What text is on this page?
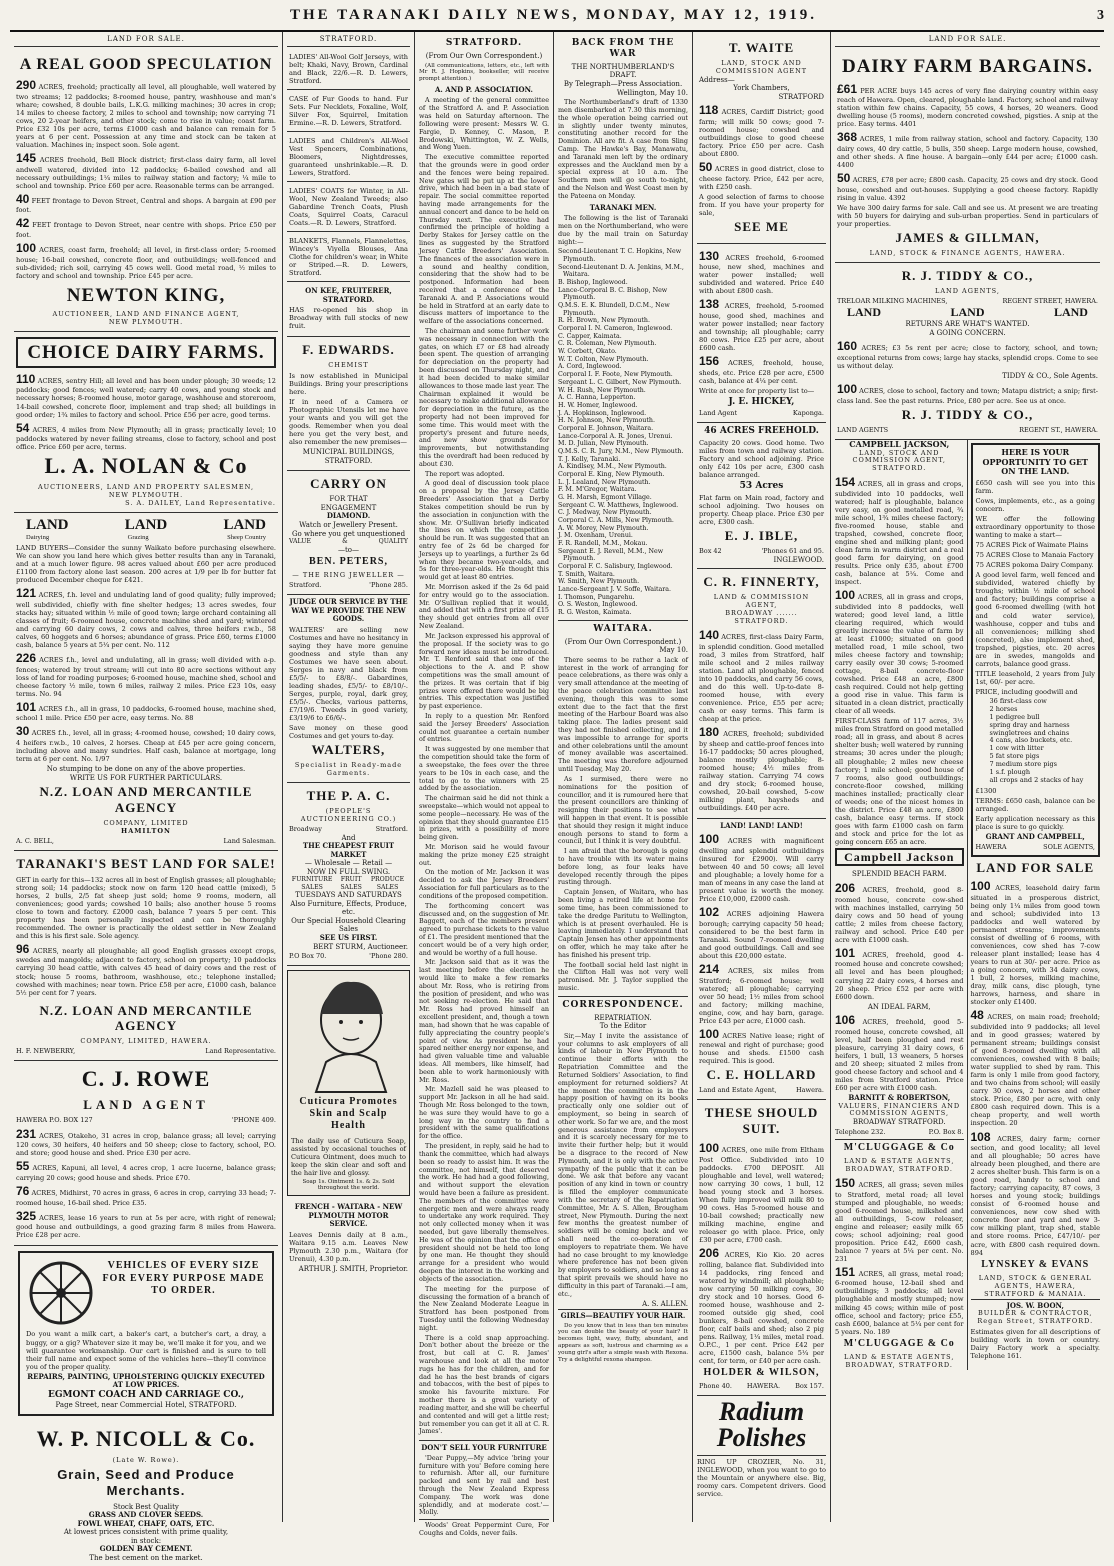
THE TARANAKI DAILY NEWS, MONDAY, MAY 12, 1919.	3
LAND FOR SALE.
A REAL GOOD SPECULATION
290 ACRES, freehold; practically all level, all ploughable, well watered by two streams; 12 paddocks; 8-roomed house, pantry, washhouse and man's whare; cowshed, 8 double bails, L.K.G. milking machines; 30 acres in crop; 14 miles to cheese factory, 2 miles to school and township; now carrying 71 cows, 20 2-year heifers, and other stock; come to rise in value; coast farm. Price £32 10s per acre, terms £1000 cash and balance can remain for 5 years at 6 per cent. Possession at any time and stock can be taken at valuation. Machines in; inspect soon. Sole agent.
145 ACRES freehold, Bell Block district; first-class dairy farm, all level andwell watered, divided into 12 paddocks; 6-bailed cowshed and all necessary outbuildings; 1¼ miles to railway station and factory; ¼ mile to school and township. Price £60 per acre. Reasonable terms can be arranged.
40 FEET frontage to Devon Street, Central and shops. A bargain at £90 per foot.
42 FEET frontage to Devon Street, near centre with shops. Price £50 per foot.
100 ACRES, coast farm, freehold; all level, in first-class order; 5-roomed house; 16-bail cowshed, concrete floor, and outbuildings; well-fenced and sub-divided; rich soil, carrying 45 cows well. Good metal road, ½ miles to factory and school and township. Price £45 per acre.
NEWTON KING,
AUCTIONEER, LAND AND FINANCE AGENT,
NEW PLYMOUTH.
CHOICE DAIRY FARMS.
110 ACRES, sentry Hill; all level and has been under plough; 30 weeds; 12 paddocks; good fences; well watered; carry 40 cows, and young stock and necessary horses; 8-roomed house, motor garage, washhouse and storeroom, 14-bail cowshed, concrete floor, implement and trap shed; all buildings in good order; 1¾ miles to factory and school. Price £56 per acre, good terms.
54 ACRES, 4 miles from New Plymouth; all in grass; practically level; 10 paddocks watered by never failing streams, close to factory, school and post office. Price £60 per acre, terms.
L. A. NOLAN & Co
AUCTIONEERS, LAND AND PROPERTY SALESMEN,
NEW PLYMOUTH.
S. A. DAILEY, Land Representative.
LAND	LAND	LAND
Dairying	Grazing	Sheep Country
LAND BUYERS—Consider the sunny Waikato before purchasing elsewhere. We can show you land here which gives better results than any in Taranaki, and at a much lower figure. 98 acres valued about £60 per acre produced £1100 from factory alone last season. 200 acres at 1/9 per lb for butter fat produced December cheque for £421.
121 ACRES, f.h. level and undulating land of good quality; fully improved; well subdivided, chiefly with fine shelter hedges; 13 acres swedes, four stacks hay; situated within ½ mile of good town; large orchard containing all classes of fruit; 6-roomed house, concrete machine shed and yard; wintered and carrying 60 dairy cows, 2 cows and calves, three heifers r.w.b., 58 calves, 60 hoggets and 6 horses; abundance of grass. Price £60, terms £1000 cash, balance 5 years at 5¼ per cent. No. 112
226 ACRES f.h., level and undulating, all in grass; well divided with a-p. fences; watered by trout stream; will cut into 80 acre sections without any loss of land for roading purposes; 6-roomed house, machine shed, school and cheese factory ½ mile, town 6 miles, railway 2 miles. Price £23 10s, easy terms. No. 94
101 ACRES f.h., all in grass, 10 paddocks, 6-roomed house, machine shed, school 1 mile. Price £50 per acre, easy terms. No. 88
30 ACRES f.h., level, all in grass; 4-roomed house, cowshed; 10 dairy cows, 4 heifers r.w.b., 10 calves, 2 horses. Cheap at £45 per acre going concern, including above and many sundries. Half cash, balance at mortgage, long term at 6 per cent. No. 1/97
No stumping to be done on any of the above properties.
WRITE US FOR FURTHER PARTICULARS.
N.Z. LOAN AND MERCANTILE AGENCY
COMPANY, LIMITED
HAMILTON
A. C. BELL,	Land Salesman.
TARANAKI'S BEST LAND FOR SALE!
GET in early for this—132 acres all in best of English grasses; all ploughable; strong soil; 14 paddocks; stock now on farm 120 head cattle (mixed), 5 horses, 2 bulls, 2/5 fat sheep just sold; home 9 rooms, modern, all conveniences; good yards; cowshed 10 bails; also another house 5 rooms close to town and factory. £2000 cash, balance 7 years 5 per cent. This property has been personally inspected and can be thoroughly recommended. The owner is practically the oldest settler in New Zealand and this is his first sale. Sole agency.
96 ACRES, nearly all ploughable; all good English grasses except crops, swedes and mangolds; adjacent to factory, school on property; 10 paddocks carrying 30 head cattle, with calves 45 head of dairy cows and the rest of stock; house 5 rooms, bathroom, washhouse, etc.; telephone installed; cowshed with machines; near town. Price £58 per acre, £1000 cash, balance 5½ per cent for 7 years.
N.Z. LOAN AND MERCANTILE AGENCY
COMPANY, LIMITED, HAWERA.
H. F. NEWBERRY,	Land Representative.
C. J. ROWE
LAND AGENT
HAWERA P.O. BOX 127	'PHONE 409.
231 ACRES, Otakeho, 31 acres in crop, balance grass; all level; carrying 120 cows, 30 heifers, 40 heifers and 50 sheep; close to factory, school, P.O. and store; good house and shed. Price £30 per acre.
55 ACRES, Kapuni, all level, 4 acres crop, 1 acre lucerne, balance grass; carrying 20 cows; good house and sheds. Price £70.
76 ACRES, Midhirst, 70 acres in grass, 6 acres in crop, carrying 33 head; 7-roomed house, 16-bail shed. Price £35.
325 ACRES, lease 16 years to run at 5s per acre, with right of renewal; good house and outbuildings, a good grazing farm 8 miles from Hawera. Price £28 per acre.
VEHICLES OF EVERY SIZE FOR EVERY PURPOSE MADE TO ORDER.
Do you want a milk cart, a baker's cart, a butcher's cart, a dray, a buggy, or a gig? Whatever size it may be, we'll make it for you, and we will guarantee workmanship. Our cart is finished and is sure to tell their full name and expect some of the vehicles here—they'll convince you of the proper quality.
REPAIRS, PAINTING, UPHOLSTERING QUICKLY EXECUTED AT LOW PRICES.
EGMONT COACH AND CARRIAGE CO.,
Page Street, near Commercial Hotel, STRATFORD.
W. P. NICOLL & Co.
(Late W. Rowe).
Grain, Seed and Produce Merchants.
Stock Best Quality
GRASS AND CLOVER SEEDS.
FOWL WHEAT, CHAFF, OATS, ETC.
At lowest prices consistent with prime quality,
in stock:
GOLDEN BAY CEMENT.
The best cement on the market.
STRATFORD.
LADIES' All-Wool Golf Jerseys, with belt; Khaki, Navy, Brown, Cardinal and Black, 22/6.—R. D. Lewers, Stratford.
CASE of Fur Goods to hand. Fur Sets. Fur Necklets, Foxaline, Wolf, Silver Fox, Squirrel, Imitation Ermine.—R. D. Lewers, Stratford.
LADIES and Children's All-Wool Vest Spencers, Combinations, Bloomers, Nightdresses, guaranteed unshrinkable.—R. D. Lewers, Stratford.
LADIES' COATS for Winter, in All-Wool, New Zealand Tweeds; also Gabardine Trench Coats, Plush Coats, Squirrel Coats, Caracul Coats.—R. D. Lewers, Stratford.
BLANKETS, Flannels, Flannelettes, Wincey's Viyella Blouses, Ana Clothe for children's wear, in White or Striped.—R. D. Lewers, Stratford.
ON KEE, FRUITERER, STRATFORD.
HAS re-opened his shop in Broadway with full stocks of new fruit.
F. EDWARDS.
CHEMIST
Is now established in Municipal Buildings. Bring your prescriptions here.
If in need of a Camera or Photographic Utensils let me have your wants and you will get the goods. Remember when you deal here you get the very best, and also remember the new premises—
MUNICIPAL BUILDINGS,
STRATFORD.
CARRY ON
FOR THAT
ENGAGEMENT
DIAMOND.
Watch or Jewellery Present.
Go where you get unquestioned
VALUE	&	QUALITY
—to—
BEN. PETERS,
— THE RING JEWELLER —
Stratford.	'Phone 285.
JUDGE OUR SERVICE BY THE WAY WE PROVIDE THE NEW GOODS.
WALTERS' are selling new Costumes and have no hesitancy in saying they have more genuine goodness and style than any Costumes we have seen about. Serges in navy and black from £5/5/- to £8/8/-. Gabardines, leading shades, £5/5/- to £8/10/-. Serges, purple, royal, dark grey, £5/5/-. Checks, various patterns, £7/19/6. Tweeds in good variety, £3/19/6 to £6/6/-.
Save money on these good Costumes and get yours to-day.
WALTERS,
Specialist in Ready-made Garments.
THE P. A. C.
(PEOPLE'S AUCTIONEERING CO.)
Broadway	Stratford.
And
THE CHEAPEST FRUIT MARKET
— Wholesale — Retail —
NOW IN FULL SWING.
FURNITURE SALES
FRUIT SALES
PRODUCE SALES
TUESDAYS AND SATURDAYS
Also Furniture, Effects, Produce, etc.
Our Special Household Clearing Sales
SEE US FIRST.
BERT STURM, Auctioneer.
P.O Box 70.	'Phone 280.
Cuticura Promotes Skin and Scalp Health
The daily use of Cuticura Soap, assisted by occasional touches of Cuticura Ointment, does much to keep the skin clear and soft and the hair live and glossy.
Soap 1s. Ointment 1s. & 2s. Sold throughout the world.
FRENCH - WAITARA - NEW PLYMOUTH MOTOR SERVICE.
Leaves Dennis daily at 8 a.m., Waitara 9.15 a.m. Leaves New Plymouth 2.30 p.m., Waitara (for Urenui), 4.30 p.m.
ARTHUR J. SMITH, Proprietor.
STRATFORD.
(From Our Own Correspondent.)
(All communications, letters, etc., left with Mr R. J. Hopkins, bookseller, will receive prompt attention.)
A. AND P. ASSOCIATION.
A meeting of the general committee of the Stratford A. and P. Association was held on Saturday afternoon. The following were present: Messrs W. G. Fargie, D. Kenney, C. Mason, P. Brodowski, Whittington, W. Z. Wells, and Wong Yuen.
The executive committee reported that the grounds were in good order and the fences were being repaired. New gates will be put up at the lower drive, which had been in a bad state of repair. The social committee reported having made arrangements for the annual concert and dance to be held on Thursday next. The executive had confirmed the principle of holding a Derby Stakes for Jersey cattle on the lines as suggested by the Stratford Jersey Cattle Breeders' Association. The finances of the association were in a sound and healthy condition, considering that the show had to be postponed. Information had been received that a conference of the Taranaki A. and P. Associations would be held in Stratford at an early date to discuss matters of importance to the welfare of the associations concerned.
The chairman and some further work was necessary in connection with the gates, on which £7 or £8 had already been spent. The question of arranging for depreciation on the property had been discussed on Thursday night, and it had been decided to make similar allowances to those made last year. The Chairman explained it would be necessary to make additional allowance for depreciation in the future, as the property had not been improved for some time. This would meet with the property's present and future needs, and new show grounds for improvements, but notwithstanding this the overdraft had been reduced by about £30.
The report was adopted.
A good deal of discussion took place on a proposal by the Jersey Cattle Breeders' Association that a Derby Stakes competition should be run by the association in conjunction with the show. Mr. O'Sullivan briefly indicated the lines on which the competition should be run. It was suggested that an entry fee of 2s 6d be charged for Jerseys up to yearlings, a further 2s 6d when they became two-year-olds, and 5s for three-year-olds. He thought this would get at least 80 entries.
Mr. Morrison asked if the 2s 6d paid for entry would go to the association. Mr. O'Sullivan replied that it would, and added that with a first prize of £15 they should get entries from all over New Zealand.
Mr. Jackson expressed his approval of the proposal. If the society was to go forward new ideas must be introduced. Mr. T. Renford said that one of the objections to the A. and P. show competitions was the small amount of the prizes. It was certain that if big prizes were offered there would be big entries. This expectation was justified by past experience.
In reply to a question Mr. Renford said the Jersey Breeders' Association could not guarantee a certain number of entries.
It was suggested by one member that the competition should take the form of a sweepstake, the fees over the three years to be 10s in each case, and the total to go to the winners with 25 added by the association.
The chairman said he did not think a sweepstake—which would not appeal to some people—necessary. He was of the opinion that they should guarantee £15 in prizes, with a possibility of more being given.
Mr. Morison said he would favour making the prize money £25 straight out.
On the motion of Mr. Jackson it was decided to ask the Jersey Breeders' Association for full particulars as to the conditions of the proposed competition.
The forthcoming concert was discussed and, on the suggestion of Mr. Baggett, each of the members present agreed to purchase tickets to the value of £1. The president mentioned that the concert would be of a very high order, and would be worthy of a full house.
Mr. Jackson said that as it was the last meeting before the election he would like to make a few remarks about Mr. Ross, who is retiring from the position of president, and who was not seeking re-election. He said that Mr. Ross had proved himself an excellent president, and, though a town man, had shown that he was capable of fully appreciating the country people's point of view. As president he had spared neither energy nor expense, and had given valuable time and valuable ideas. All members, like himself, had been able to work harmoniously with Mr. Ross.
Mr. Mazlell said he was pleased to support Mr. Jackson in all he had said. Though Mr. Ross belonged to the town, he was sure they would have to go a long way in the country to find a president with the same qualifications for the office.
The president, in reply, said he had to thank the committee, which had always been so ready to assist him. It was the committee, not himself, that deserved the work. He had had a good following, and without support the elevation would have been a failure as president. The members of the committee were energetic men and were always ready to undertake any work required. They not only collected money when it was needed, but gave liberally themselves. He was of the opinion that the office of president should not be held too long by one man. He thought they should arrange for a president who would deepen the interest in the working and objects of the association.
The meeting for the purpose of discussing the formation of a branch of the New Zealand Moderate League in Stratford has been postponed from Tuesday until the following Wednesday night.
There is a cold snap approaching. Don't bother about the breeze or the frost, but call at C. R. James' warehouse and look at all the motor rugs he has for the children, and for dad he has the best brands of cigars and tobaccos, with the best of pipes to smoke his favourite mixture. For mother there is a great variety of reading matter, and she will be cheerful and contented and will get a little rest; but remember you can get it all at C. R. James'.
DON'T SELL YOUR FURNITURE
'Dear Puppy,—My advice 'bring your furniture with you' Before coming here to refurnish. After all, our furniture packed and sent by rail and best through the New Zealand Express Company. The work was done splendidly, and at moderate cost.'—Molly.
Woods' Great Peppermint Cure, For Coughs and Colds, never fails.
BACK FROM THE WAR
THE NORTHUMBERLAND'S DRAFT.
By Telegraph—Press Association.
Wellington, May 10.
The Northumberland's draft of 1330 men disembarked at 7.30 this morning, the whole operation being carried out in slightly under twenty minutes, constituting another record for the Dominion. All are fit. A case from Sling Camp. The Hawke's Bay, Manawatu, and Taranaki men left by the ordinary expresses and the Auckland men by a special express at 10 a.m. The Southern men will go south to-night, and the Nelson and West Coast men by the Pateena on Monday.
TARANAKI MEN.
The following is the list of Taranaki men on the Northumberland, who were due by the mail train on Saturday night:—
Second-Lieutenant T. C. Hopkins, New Plymouth.
Second-Lieutenant D. A. Jenkins, M.M., Waitara.
B. Bishop, Inglewood.
Lance-Corporal B. C. Bishop, New Plymouth.
Q.M.S. E. K. Blundell, D.C.M., New Plymouth.
R. H. Brown, New Plymouth.
Corporal I. N. Cameron, Inglewood.
C. Capper, Kaimata.
C. R. Coleman, New Plymouth.
W. Corbett, Okato.
W. T. Colton, New Plymouth.
A. Cord, Inglewood.
Corporal I. F. Foote, New Plymouth.
Sergeant L. C. Gilbert, New Plymouth.
W. H. Rush, New Plymouth.
A. C. Hanna, Lepperton.
H. W. Homer, Inglewood.
J. A. Hopkinson, Inglewood.
H. N. Johnson, New Plymouth.
Corporal E. Johnson, Waitara.
Lance-Corporal A. R. Jones, Urenui.
M. D. Julian, New Plymouth.
Q.M.S. C. R. Jury, N.M., New Plymouth.
T. J. Kelly, Taranaki.
A. Kindlsey, M.M., New Plymouth.
Corporal E. King, New Plymouth.
L. J. Lealand, New Plymouth.
F. M. M'Gregor, Waitara.
G. H. Marsh, Egmont Village.
Sergeant C. W. Matthews, Inglewood.
C. J. Medway, New Plymouth.
Corporal C. A. Mills, New Plymouth.
A. W. Morey, New Plymouth.
J. M. Oxenham, Urenui.
F. R. Randell, M.M., Mokau.
Sergeant E. J. Revell, M.M., New Plymouth.
Corporal F. C. Salisbury, Inglewood.
T. Smith, Waitara.
W. Smith, New Plymouth.
Lance-Sergeant J. V. Soffe, Waitara.
I. Thomson, Pungarehu.
O. S. Weston, Inglewood.
R. G. Weston, Kaimata.
WAITARA.
(From Our Own Correspondent.)
May 10.
There seems to be rather a lack of interest in the work of arranging for peace celebrations, as there was only a very small attendance at the meeting of the peace celebration committee last evening, though this was to some extent due to the fact that the first meeting of the Harbour Board was also taking place. The ladies present said they had not finished collecting, and it was impossible to arrange for sports and other celebrations until the amount of money available was ascertained. The meeting was therefore adjourned until Tuesday, May 20.
As I surmised, there were no nominations for the position of councillor, and it is rumoured here that the present councillors are thinking of resigning their positions to see what will happen in that event. It is possible that should they resign it might induce enough persons to stand to form a council, but I think it is very doubtful.
I am afraid that the borough is going to have trouble with its water mains before long, as four leaks have developed recently through the pipes rusting through.
Captain Jensen, of Waitara, who has been living a retired life at home for some time, has been commissioned to take the dredge Paritutu to Wellington, which is at present overhauled. He is leaving immediately. I understand that Captain Jensen has other appointments on offer, which he may take after he has finished his present trip.
The football social held last night in the Clifton Hall was not very well patronised. Mr. J. Taylor supplied the music.
CORRESPONDENCE.
REPATRIATION.
To the Editor
Sir,—May I invite the assistance of your columns to ask employers of all kinds of labour in New Plymouth to continue their efforts with the Repatriation Committee and the Returned Soldiers' Association, to find employment for returned soldiers? At the moment the committee is in the happy position of having on its books practically only one soldier out of employment, so being in search of other work. So far we are, and the most generous assistance from employers and it is scarcely necessary for me to invite their further help; but it would be a disgrace to the record of New Plymouth, and it is only with the active sympathy of the public that it can be done. We ask that before any vacant position of any kind in town or country is filled the employer communicate with the secretary of the Repatriation Committee, Mr. A. S. Allen, Brougham street, New Plymouth. During the next few months the greatest number of soldiers will be coming back and we shall need the co-operation of employers to repatriate them. We have had no case brought to my knowledge where preference has not been given by employers to soldiers, and so long as that spirit prevails we should have no difficulty in this part of Taranaki.—I am, etc.,
A. S. ALLEN.
GIRLS—BEAUTIFY YOUR HAIR.
Do you know that in less than ten minutes you can double the beauty of your hair? It becomes light, wavy, fluffy, abundant, and appears as soft, lustrous and charming as a young girl's after a simple wash with Rexona. Try a delightful rexona shampoo.
T. WAITE
LAND, STOCK AND COMMISSION AGENT
Address—
York Chambers,
STRATFORD
118 ACRES, Cardiff District; good farm; will milk 50 cows; good 7-roomed house; cowshed and outbuildings close to good cheese factory. Price £50 per acre. Cash about £800.
50 ACRES in good district, close to cheese factory. Price, £42 per acre, with £250 cash.
A good selection of farms to choose from. If you have your property for sale,
SEE ME
130 ACRES freehold, 6-roomed house, new shed, machines and water power installed; well subdivided and watered. Price £40 with about £800 cash.
138 ACRES, freehold, 5-roomed house, good shed, machines and water power installed; near factory and township; all ploughable; carry 80 cows. Price £25 per acre, about £600 cash.
156 ACRES, freehold, house, sheds, etc. Price £28 per acre, £500 cash, balance at 4¼ per cent.
Write at once for property list to—
J. E. HICKEY,
Land Agent	Kaponga.
46 ACRES FREEHOLD.
Capacity 20 cows. Good home. Two miles from town and railway station. Factory and school adjoining. Price only £42 10s per acre, £300 cash balance arranged.
53 Acres
Flat farm on Main road, factory and school adjoining. Two houses on property. Cheap place. Price £30 per acre, £300 cash.
E. J. IBLE,
Box 42	'Phones 61 and 95.
INGLEWOOD.
C. R. FINNERTY,
LAND & COMMISSION AGENT,
BROADWAY ....... STRATFORD.
140 ACRES, first-class Dairy Farm, in splendid condition. Good metalled road, 3 miles from Stratford, half mile school and 2 miles railway station. Land all ploughable, fenced into 10 paddocks, and carry 56 cows, and do this well. Up-to-date 8-roomed house, with every convenience. Price, £55 per acre; cash or easy terms. This farm is cheap at the price.
180 ACRES, freehold; subdivided by sheep and cattle-proof fences into 16-17 paddocks; 50 acres ploughed, balance mostly ploughable; 8-roomed house; 4½ miles from railway station. Carrying 74 cows and dry stock; 6-roomed house, cowshed, 20-bail cowshed, 5-cow milking plant, haysheds and outbuildings. £40 per acre.
LAND! LAND! LAND!
100 ACRES with magnificent dwelling and splendid outbuildings (insured for £2900). Will carry between 40 and 50 cows; all level and ploughable; a lovely home for a man of means in any case the land at present value is worth the money. Price £10,000, £2000 cash.
102 ACRES adjoining Hawera borough; carrying capacity 50 head; considered to be the best farm in Taranaki. Sound 7-roomed dwelling and good outbuildings. Call and see about this £20,000 estate.
214 ACRES, six miles from Stratford; 6-roomed house; well watered; all ploughable; carrying over 50 head; 1½ miles from school and factory; milking machine, engine, cow, and hay barn, garage. Price £43 per acre, £1000 cash.
100 ACRES Native lease; right of renewal and right of purchase; good house and sheds. £1500 cash required. This is good.
C. E. HOLLARD
Land and Estate Agent,	Hawera.
THESE SHOULD SUIT.
100 ACRES, one mile from Eltham Post Office. Subdivided into 10 paddocks. £700 DEPOSIT. All ploughable and level, well watered; now carrying 30 cows, 1 bull, 12 head young stock and 3 horses. When fully improved will milk 80 to 90 cows. Has 5-roomed house and 10-bail cowshed; practically new milking machine, engine and releaser go with place. Price, only £30 per acre, £700 cash.
206 ACRES, Kio Kio. 20 acres rolling, balance flat. Subdivided into 14 paddocks, ring fenced and watered by windmill; all ploughable; now carrying 50 milking cows, 30 dry stock and 10 horses. Good 6-roomed house, washhouse and 2-roomed outside gig shed, cool bunkers, 8-bail cowshed, concrete floor, calf bails and shed; also 2 pig pens. Railway, 1¼ miles, metal road. O.P.C., 1 per cent. Price £42 per acre, £1500 cash, balance 5¼ per cent, for term, or £40 per acre cash.
HOLDER & WILSON,
Phone 40. HAWERA. Box 157.
Radium
Polishes
RING UP CROZIER, No. 31, INGLEWOOD, when you want to go to the Mountain or anywhere else. Big, roomy cars. Competent drivers. Good service.
LAND FOR SALE.
DAIRY FARM BARGAINS.
£61 PER ACRE buys 145 acres of very fine dairying country within easy reach of Hawera. Open, cleared, ploughable land. Factory, school and railway station within few chains. Capacity, 55 cows, 4 horses, 20 weaners. Good dwelling house (5 rooms), modern concreted cowshed, pigsties. A snip at the price. Easy terms. 4401
368 ACRES, 1 mile from railway station, school and factory. Capacity, 130 dairy cows, 40 dry cattle, 5 bulls, 350 sheep. Large modern house, cowshed, and other sheds. A fine house. A bargain—only £44 per acre; £1000 cash. 4400
50 ACRES, £78 per acre; £800 cash. Capacity, 25 cows and dry stock. Good house, cowshed and out-houses. Supplying a good cheese factory. Rapidly rising in value. 4392
We have 300 dairy farms for sale. Call and see us. At present we are treating with 50 buyers for dairying and sub-urban properties. Send in particulars of your properties.
JAMES & GILLMAN,
LAND, STOCK & FINANCE AGENTS, HAWERA.
R. J. TIDDY & CO.,
LAND AGENTS,
TRELOAR MILKING MACHINES,	REGENT STREET, HAWERA.
LAND	LAND	LAND
RETURNS ARE WHAT'S WANTED.
A GOING CONCERN.
160 ACRES; £3 5s rent per acre; close to factory, school, and town; exceptional returns from cows; large hay stacks, splendid crops. Come to see us without delay.
TIDDY & CO., Sole Agents.
100 ACRES, close to school, factory and town; Matapu district; a snip; first-class land. See the past returns. Price, £80 per acre. See us at once.
R. J. TIDDY & CO.,
LAND AGENTS	REGENT ST., HAWERA.
CAMPBELL JACKSON,
LAND, STOCK AND COMMISSION AGENT, STRATFORD.
154 ACRES, all in grass and crops, subdivided into 10 paddocks, well watered; half is ploughable, balance very easy, on good metalled road, ¾ mile school, 1¾ miles cheese factory; five-roomed house, stable and trapshed, cowshed, concrete floor, engine shed and milking plant; good clean farm in warm district and a real good farm for dairying, on good results. Price only £35, about £700 cash, balance at 5¼. Come and inspect.
100 ACRES, all in grass and crops, subdivided into 8 paddocks, well watered; good level land, a little clearing required, which would greatly increase the value of farm by at least £1000; situated on good metalled road, 1 mile school, two miles cheese factory and township; carry easily over 30 cows; 5-roomed cottage, 8-bail concrete-floor cowshed. Price £48 an acre, £800 cash required. Could not help getting a good rise in value. This farm is situated in a clean district, practically clear of all weeds.
FIRST-CLASS farm of 117 acres, 3½ miles from Stratford on good metalled road; all in grass, and about 8 acres shelter bush; well watered by running streams; 30 acres under the plough; all ploughable; 2 miles new cheese factory; 1 mile school; good house of 7 rooms, also good outbuildings; concrete-floor cowshed, milking machines installed; practically clear of weeds; one of the nicest homes in the district. Price £48 an acre, £800 cash, balance easy terms. If stock goes with farm £1000 cash on farm and stock and price for the lot as going concern £65 an acre.
Campbell Jackson
SPLENDID BEACH FARM.
206 ACRES, freehold, good 8-roomed house, concrete cow-shed with machines installed, carrying 50 dairy cows and 50 head of young cattle; 2 miles from cheese factory, railway and school. Price £40 per acre with £1000 cash.
101 ACRES, freehold, good 4-roomed house and concrete cowshed; all level and has been ploughed; carrying 22 dairy cows, 4 horses and 20 sheep. Price £52 per acre with £600 down.
AN IDEAL FARM,
106 ACRES, freehold, good 5-roomed house, concrete cowshed, all level, half been ploughed and rest pleasure, carrying 31 dairy cows, 6 heifers, 1 bull, 13 weaners, 5 horses and 20 sheep; situated 2 miles from good cheese factory and school and 4 miles from Stratford station. Price £60 per acre with £1000 cash.
BARNITT & ROBERTSON,
VALUERS, FINANCIERS AND COMMISSION AGENTS,
BROADWAY STRATFORD.
Telephone 232.	P.O. Box 8.
M'CLUGGAGE & Co
LAND & ESTATE AGENTS,
BROADWAY, STRATFORD.
150 ACRES, all grass; seven miles to Stratford, metal road; all level stumped and ploughable, no weeds; good 6-roomed house, milkshed and all outbuildings, 5-cow releaser, engine and releaser; easily milk 65 cows; school adjoining; real good proposition. Price £42, £600 cash, balance 7 years at 5¼ per cent. No. 231
151 ACRES, all grass, metal road; 6-roomed house, 12-bail shed and outbuildings; 3 paddocks; all level ploughable and mostly stumped; now milking 45 cows; within mile of post office, school and factory; price £55, cash £600, balance at 5¼ per cent for 5 years. No. 189
M'CLUGGAGE & Co
LAND & ESTATE AGENTS,
BROADWAY, STRATFORD.
HERE IS YOUR OPPORTUNITY TO GET ON THE LAND.
£650 cash will see you into this farm.
Cows, implements, etc., as a going concern.
WE offer the following extraordinary opportunity to those wanting to make a start—
75 ACRES Pick of Waimate Plains
75 ACRES Close to Manaia Factory
75 ACRES pokoma Dairy Company.
A good level farm, well fenced and subdivided, watered chiefly by troughs; within ½ mile of school and factory; buildings comprise a good 6-roomed dwelling (with hot and cold water service), washhouse, copper and tubs and all conveniences; milking shed (concreted), also implement shed, trapshed, pigsties, etc. 20 acres are in swedes, mangolds and carrots, balance good grass.
TITLE leasehold, 2 years from July 1st, 60/- per acre.
PRICE, including goodwill and
36 first-class cow
2 horses
1 pedigree bull
spring dray and harness
swingletrees and chains
4 cans, also buckets, etc.
1 cow with litter
5 fat store pigs
7 medium store pigs
1 s.f. plough
all crops and 2 stacks of hay
£1300
TERMS: £650 cash, balance can be arranged.
Early application necessary as this place is sure to go quickly.
GRANT AND CAMPBELL,
HAWERA	SOLE AGENTS,
LAND FOR SALE
100 ACRES, leasehold dairy farm situated in a prosperous district, being only 1¼ miles from good town and school; subdivided into 13 paddocks and well watered by permanent streams; improvements consist of dwelling of 6 rooms, with conveniences, cow shed has 7-cow releaser plant installed; lease has 4 years to run at 30/- per acre. Price as a going concern, with 34 dairy cows, 1 bull, 2 horses, milking machine, dray, milk cans, disc plough, tyne harrows, harness, and share in stocker only £1400.
48 ACRES, on main road; freehold; subdivided into 9 paddocks; all level and in good grasses; watered by permanent stream; buildings consist of good 8-roomed dwelling with all conveniences, cowshed with 8 bails; water supplied to shed by ram. This farm is only 1 mile from good factory, and two chains from school; will easily carry 30 cows, 2 horses and other stock. Price, £80 per acre, with only £800 cash required down. This is a cheap property, and well worth inspection. 20
108 ACRES, dairy farm; corner section, and good locality; all level and all ploughable; 50 acres have already been ploughed, and there are 2 acres shelter bush. This farm is on a good road, handy to school and factory; carrying capacity, 87 cows, 3 horses and young stock; buildings consist of 6-roomed house and conveniences, new cow shed with concrete floor and yard and new 3-cow milking plant, trap shed, stable and store rooms. Price, £47/10/- per acre, with £800 cash required down. 894
LYNSKEY & EVANS
LAND, STOCK & GENERAL AGENTS, HAWERA, STRATFORD & MANAIA.
JOS. W. BOON,
BUILDER & CONTRACTOR,
Regan Street, STRATFORD.
Estimates given for all descriptions of building work in town or country. Dairy Factory work a specialty. Telephone 161.
